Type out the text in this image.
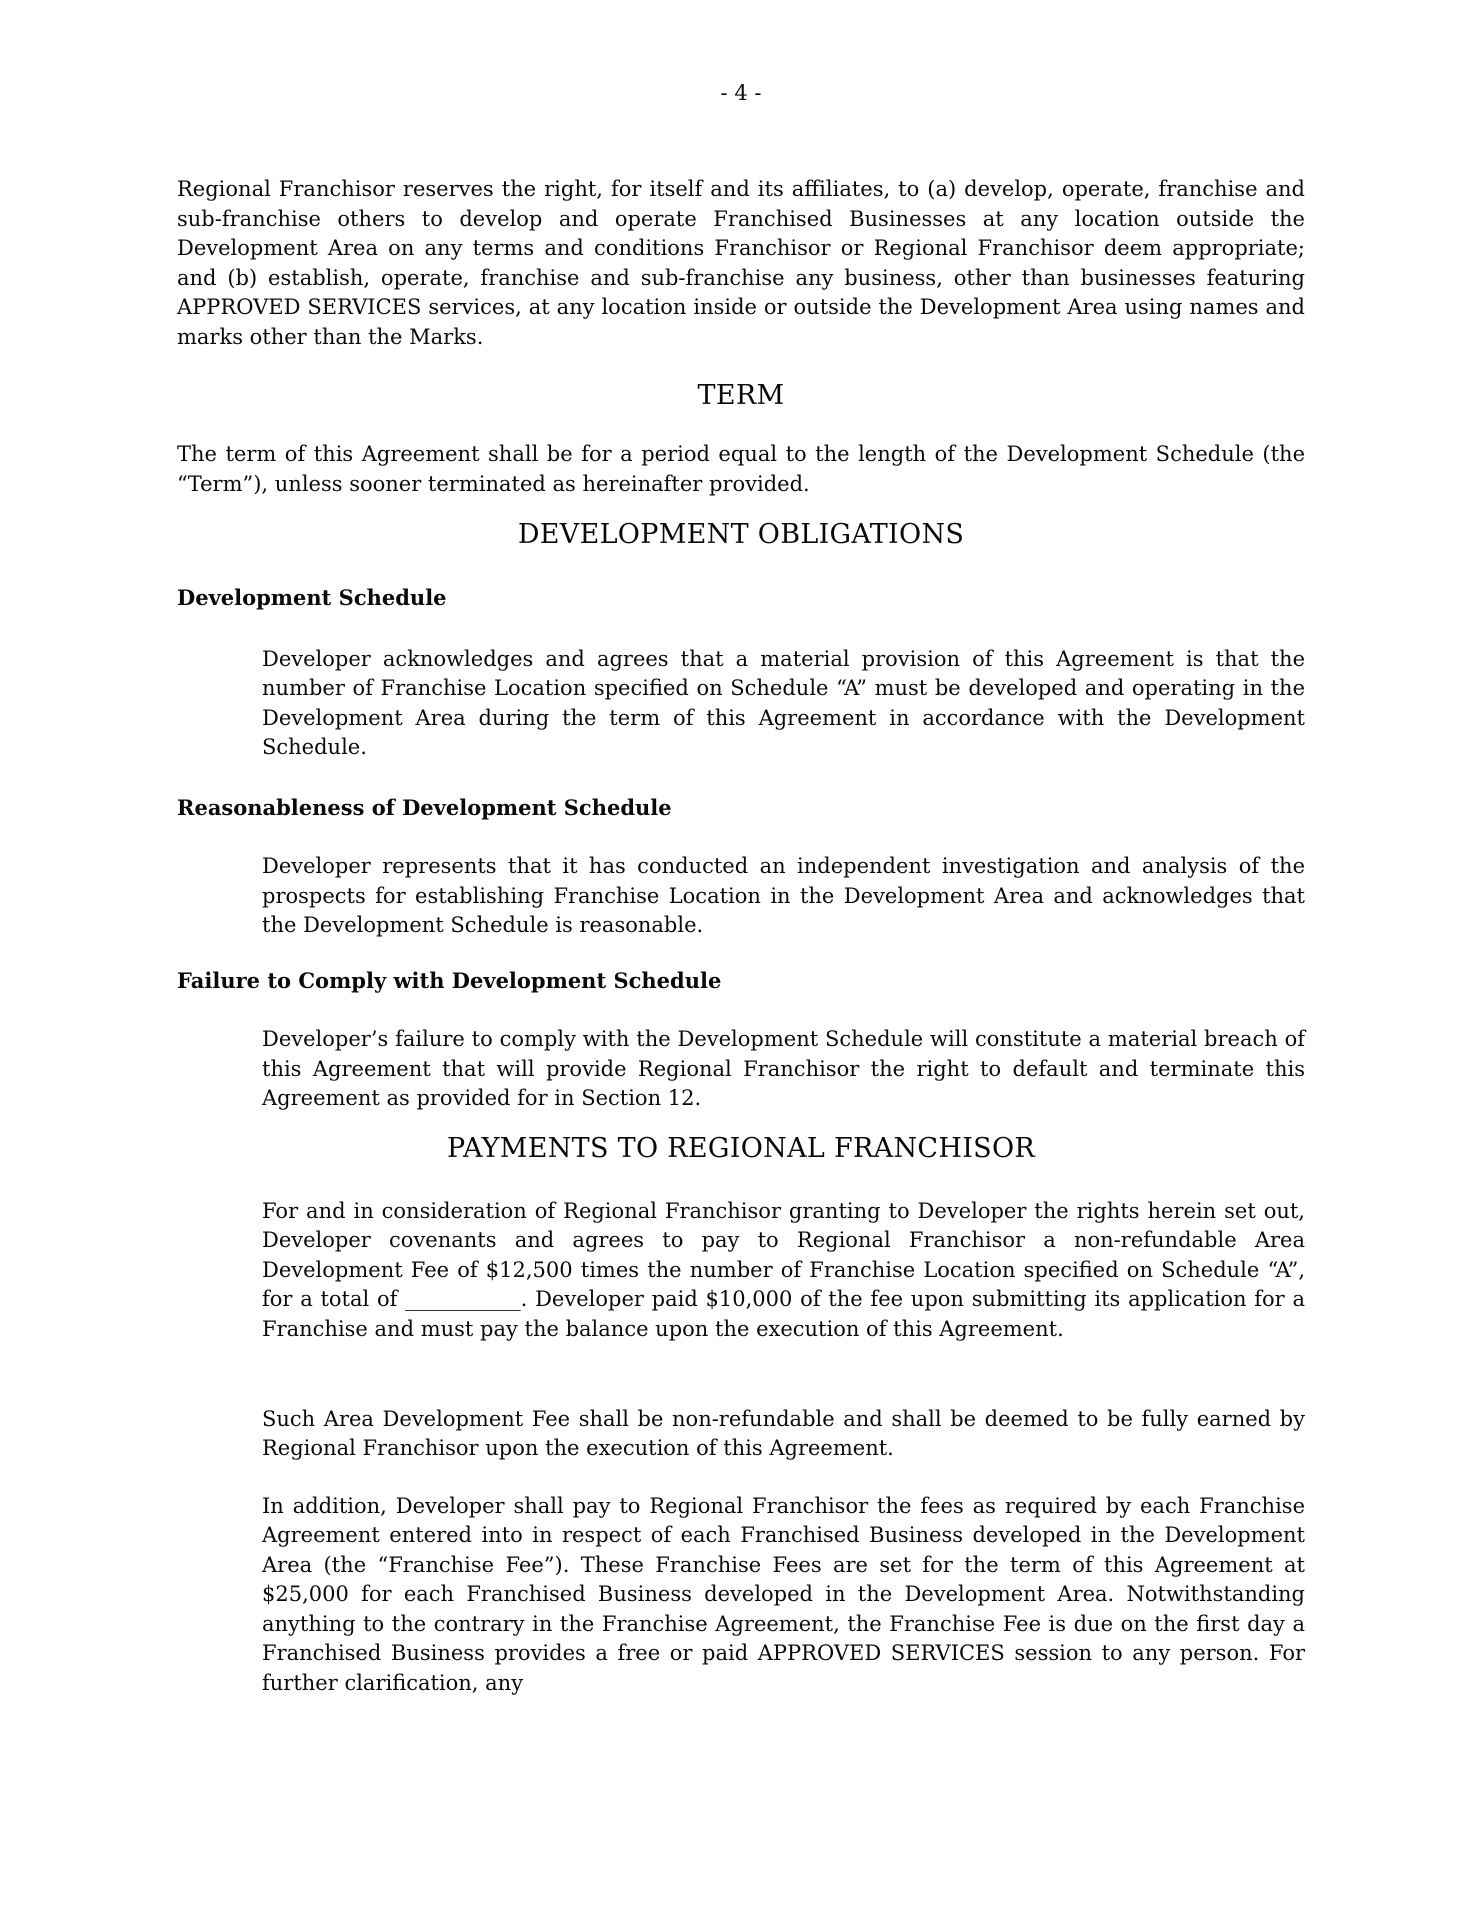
- 4 -

Regional Franchisor reserves the right, for itself and its affiliates, to (a) develop, operate, franchise and sub-franchise others to develop and operate Franchised Businesses at any location outside the Development Area on any terms and conditions Franchisor or Regional Franchisor deem appropriate; and (b) establish, operate, franchise and sub-franchise any business, other than businesses featuring APPROVED SERVICES services, at any location inside or outside the Development Area using names and marks other than the Marks.

TERM

The term of this Agreement shall be for a period equal to the length of the Development Schedule (the “Term”), unless sooner terminated as hereinafter provided.

DEVELOPMENT OBLIGATIONS
Development Schedule

Developer acknowledges and agrees that a material provision of this Agreement is that the number of Franchise Location specified on Schedule “A” must be developed and operating in the Development Area during the term of this Agreement in accordance with the Development Schedule.

Reasonableness of Development Schedule

Developer represents that it has conducted an independent investigation and analysis of the prospects for establishing Franchise Location in the Development Area and acknowledges that the Development Schedule is reasonable.

Failure to Comply with Development Schedule

Developer’s failure to comply with the Development Schedule will constitute a material breach of this Agreement that will provide Regional Franchisor the right to default and terminate this Agreement as provided for in Section 12.

PAYMENTS TO REGIONAL FRANCHISOR

For and in consideration of Regional Franchisor granting to Developer the rights herein set out, Developer covenants and agrees to pay to Regional Franchisor a non-refundable Area Development Fee of $12,500 times the number of Franchise Location specified on Schedule “A”, for a total of ___________. Developer paid $10,000 of the fee upon submitting its application for a Franchise and must pay the balance upon the execution of this Agreement.

Such Area Development Fee shall be non-refundable and shall be deemed to be fully earned by Regional Franchisor upon the execution of this Agreement.

In addition, Developer shall pay to Regional Franchisor the fees as required by each Franchise Agreement entered into in respect of each Franchised Business developed in the Development Area (the “Franchise Fee”). These Franchise Fees are set for the term of this Agreement at $25,000 for each Franchised Business developed in the Development Area. Notwithstanding anything to the contrary in the Franchise Agreement, the Franchise Fee is due on the first day a Franchised Business provides a free or paid APPROVED SERVICES session to any person. For further clarification, any
